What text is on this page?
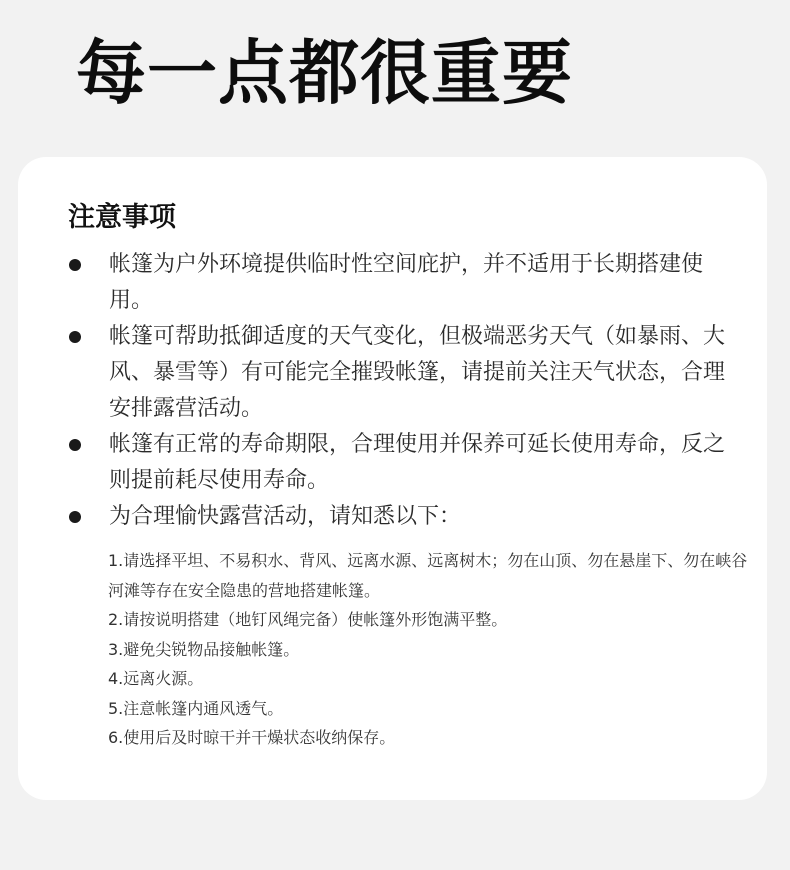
每一点都很重要
注意事项
帐篷为户外环境提供临时性空间庇护，并不适用于长期搭建使用。
帐篷可帮助抵御适度的天气变化，但极端恶劣天气（如暴雨、大风、暴雪等）有可能完全摧毁帐篷，请提前关注天气状态，合理安排露营活动。
帐篷有正常的寿命期限，合理使用并保养可延长使用寿命，反之则提前耗尽使用寿命。
为合理愉快露营活动，请知悉以下：
1.请选择平坦、不易积水、背风、远离水源、远离树木；勿在山顶、勿在悬崖下、勿在峡谷河滩等存在安全隐患的营地搭建帐篷。
2.请按说明搭建（地钉风绳完备）使帐篷外形饱满平整。
3.避免尖锐物品接触帐篷。
4.远离火源。
5.注意帐篷内通风透气。
6.使用后及时晾干并干燥状态收纳保存。
